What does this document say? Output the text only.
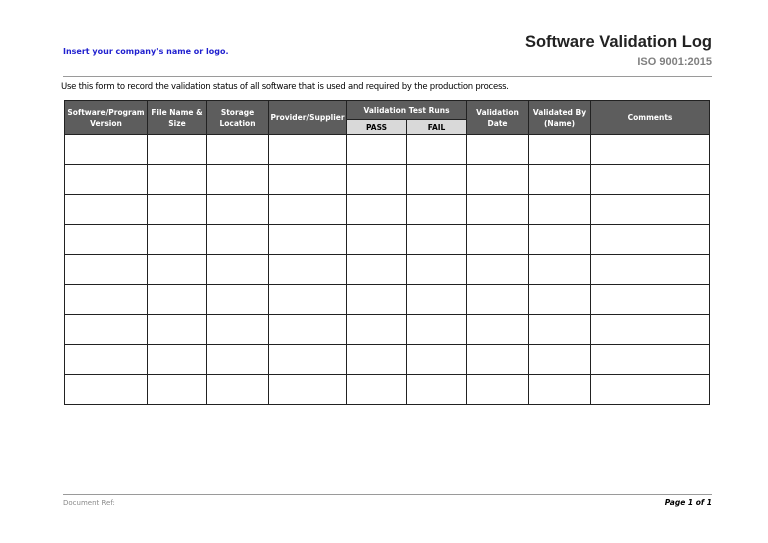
Insert your company's name or logo.
Software Validation Log
ISO 9001:2015
Use this form to record the validation status of all software that is used and required by the production process.
Software/Program Version	File Name & Size	Storage Location	Provider/Supplier	Validation Test Runs		Validation Date	Validated By (Name)	Comments
				PASS	FAIL			

Document Ref:	Page 1 of 1
